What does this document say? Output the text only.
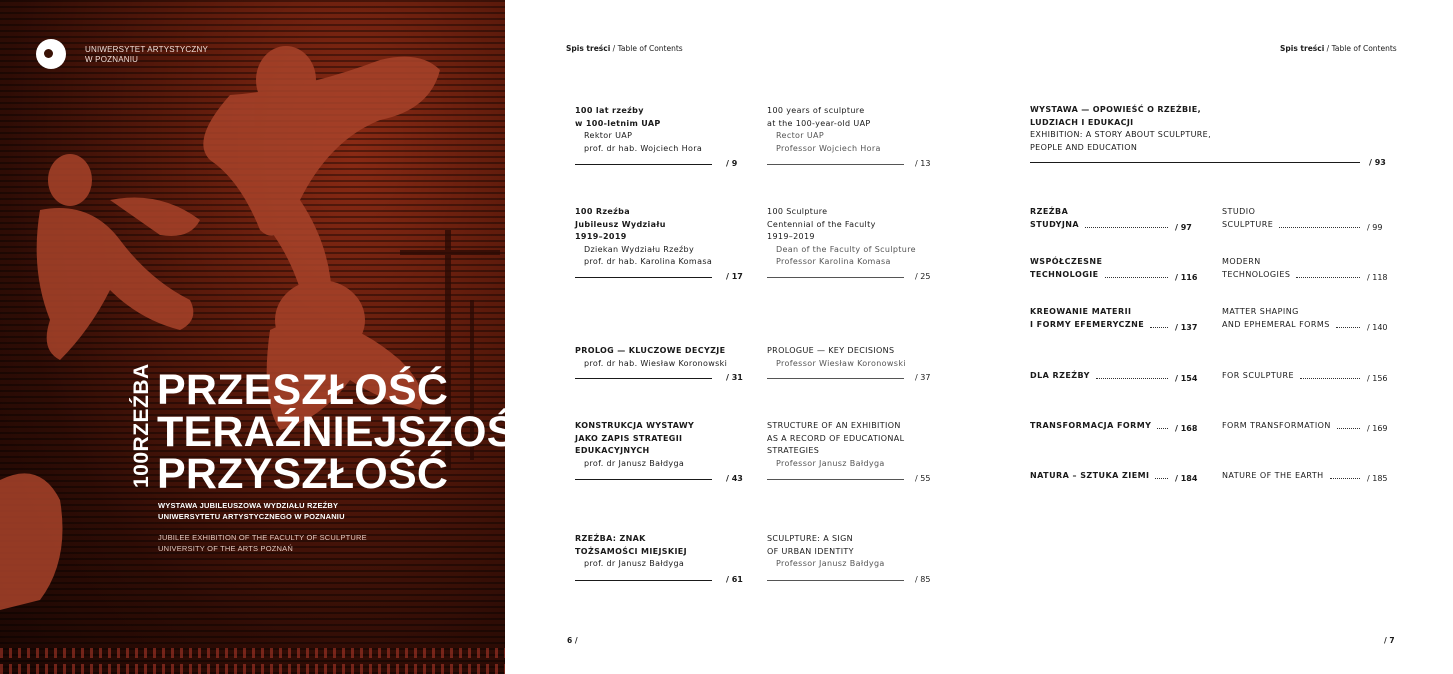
UNIWERSYTET ARTYSTYCZNY
W POZNANIU
100RZEŹBA PRZESZŁOŚĆ
TERAŹNIEJSZOŚĆ
PRZYSZŁOŚĆ
WYSTAWA JUBILEUSZOWA WYDZIAŁU RZEŹBY
UNIWERSYTETU ARTYSTYCZNEGO W POZNANIU
JUBILEE EXHIBITION OF THE FACULTY OF SCULPTURE
UNIVERSITY OF THE ARTS POZNAŃ
Spis treści / Table of Contents
100 lat rzeźby
w 100-letnim UAP
Rektor UAP
prof. dr hab. Wojciech Hora
/ 9
100 years of sculpture
at the 100-year-old UAP
Rector UAP
Professor Wojciech Hora
/ 13
100 Rzeźba
Jubileusz Wydziału
1919–2019
Dziekan Wydziału Rzeźby
prof. dr hab. Karolina Komasa
/ 17
100 Sculpture
Centennial of the Faculty
1919–2019
Dean of the Faculty of Sculpture
Professor Karolina Komasa
/ 25
PROLOG — KLUCZOWE DECYZJE
prof. dr hab. Wiesław Koronowski
/ 31
PROLOGUE — KEY DECISIONS
Professor Wiesław Koronowski
/ 37
KONSTRUKCJA WYSTAWY
JAKO ZAPIS STRATEGII
EDUKACYJNYCH
prof. dr Janusz Bałdyga
/ 43
STRUCTURE OF AN EXHIBITION
AS A RECORD OF EDUCATIONAL
STRATEGIES
Professor Janusz Bałdyga
/ 55
RZEŹBA: ZNAK
TOŻSAMOŚCI MIEJSKIEJ
prof. dr Janusz Bałdyga
/ 61
SCULPTURE: A SIGN
OF URBAN IDENTITY
Professor Janusz Bałdyga
/ 85
6 /
Spis treści / Table of Contents
WYSTAWA — OPOWIEŚĆ O RZEŹBIE,
LUDZIACH I EDUKACJI
EXHIBITION: A STORY ABOUT SCULPTURE,
PEOPLE AND EDUCATION
/ 93
RZEŹBA
STUDYJNA	/ 97
STUDIO
SCULPTURE	/ 99
WSPÓŁCZESNE
TECHNOLOGIE	/ 116
MODERN
TECHNOLOGIES	/ 118
KREOWANIE MATERII
I FORMY EFEMERYCZNE	/ 137
MATTER SHAPING
AND EPHEMERAL FORMS	/ 140
DLA RZEŹBY	/ 154	FOR SCULPTURE	/ 156
TRANSFORMACJA FORMY	/ 168	FORM TRANSFORMATION	/ 169
NATURA – SZTUKA ZIEMI	/ 184	NATURE OF THE EARTH	/ 185
/ 7
